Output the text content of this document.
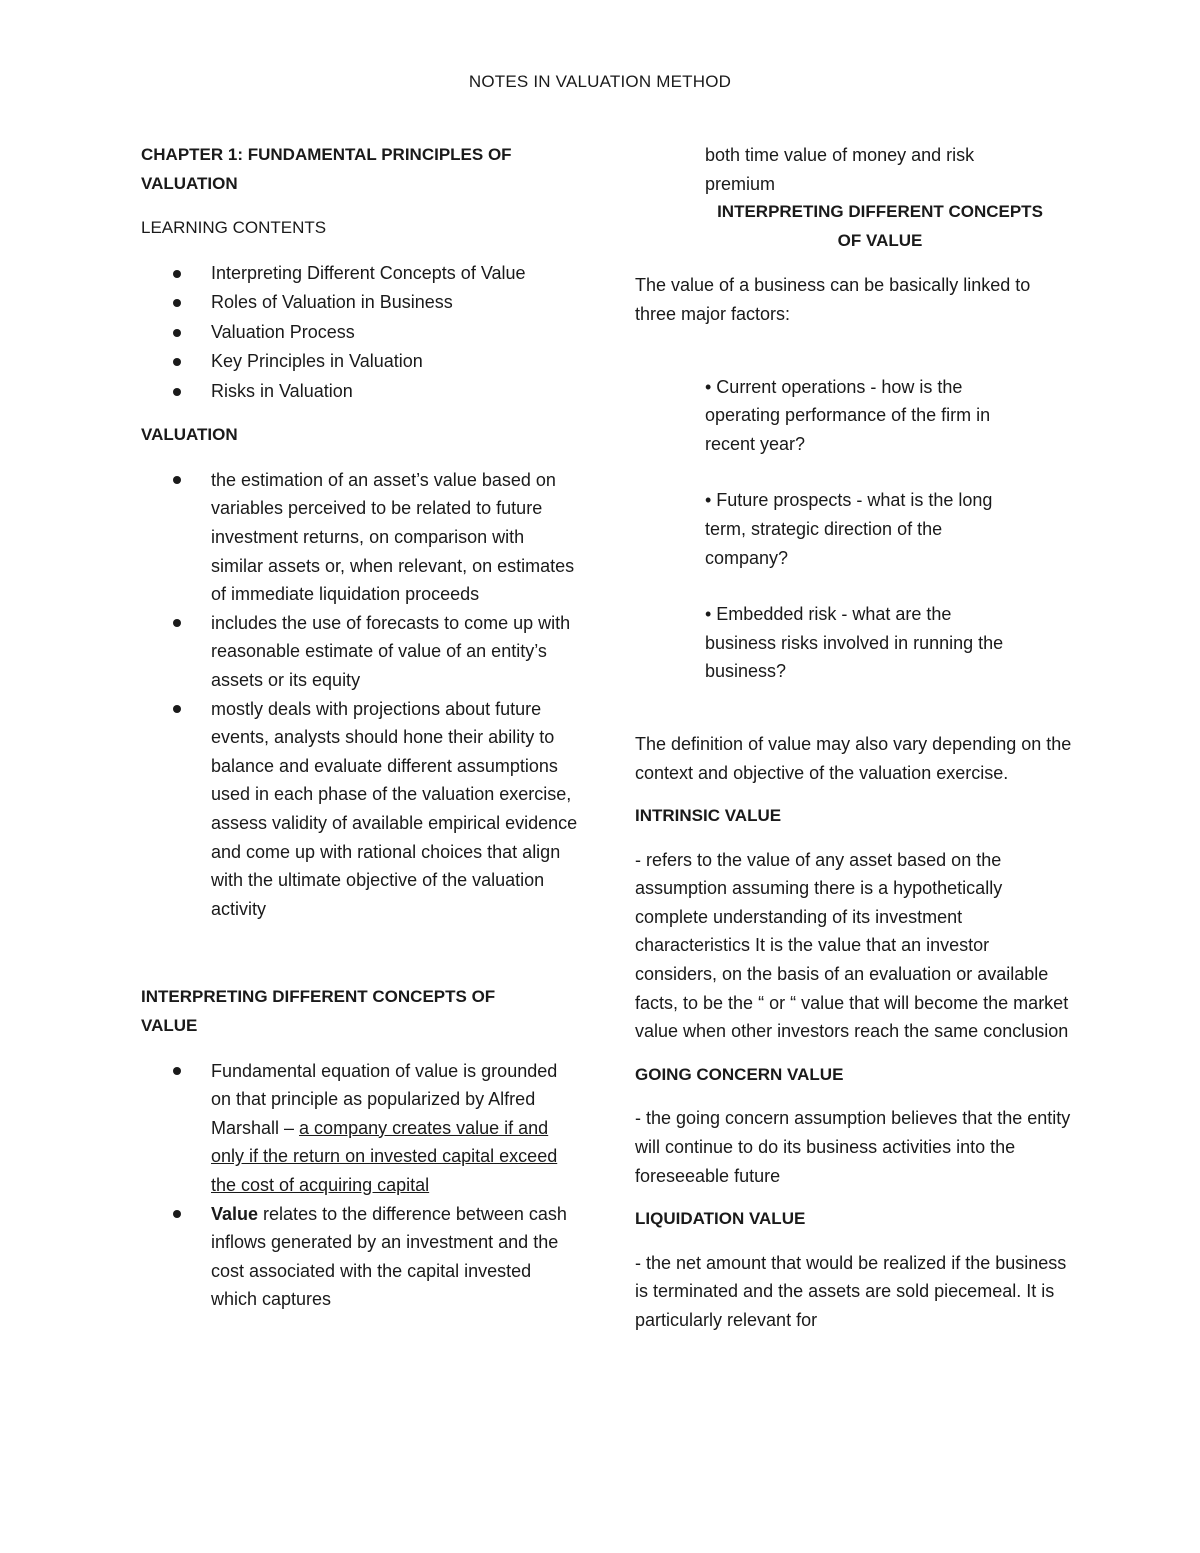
NOTES IN VALUATION METHOD
CHAPTER 1: FUNDAMENTAL PRINCIPLES OF VALUATION
LEARNING CONTENTS
Interpreting Different Concepts of Value
Roles of Valuation in Business
Valuation Process
Key Principles in Valuation
Risks in Valuation
VALUATION
the estimation of an asset’s value based on variables perceived to be related to future investment returns, on comparison with similar assets or, when relevant, on estimates of immediate liquidation proceeds
includes the use of forecasts to come up with reasonable estimate of value of an entity’s assets or its equity
mostly deals with projections about future events, analysts should hone their ability to balance and evaluate different assumptions used in each phase of the valuation exercise, assess validity of available empirical evidence and come up with rational choices that align with the ultimate objective of the valuation activity
INTERPRETING DIFFERENT CONCEPTS OF VALUE
Fundamental equation of value is grounded on that principle as popularized by Alfred Marshall – a company creates value if and only if the return on invested capital exceed the cost of acquiring capital
Value relates to the difference between cash inflows generated by an investment and the cost associated with the capital invested which captures
both time value of money and risk premium
INTERPRETING DIFFERENT CONCEPTS OF VALUE

The value of a business can be basically linked to three major factors:

• Current operations - how is the operating performance of the firm in recent year?

• Future prospects - what is the long term, strategic direction of the company?

• Embedded risk - what are the business risks involved in running the business?

The definition of value may also vary depending on the context and objective of the valuation exercise.

INTRINSIC VALUE

- refers to the value of any asset based on the assumption assuming there is a hypothetically complete understanding of its investment characteristics It is the value that an investor considers, on the basis of an evaluation or available facts, to be the “ or “ value that will become the market value when other investors reach the same conclusion

GOING CONCERN VALUE

- the going concern assumption believes that the entity will continue to do its business activities into the foreseeable future

LIQUIDATION VALUE

- the net amount that would be realized if the business is terminated and the assets are sold piecemeal. It is particularly relevant for
